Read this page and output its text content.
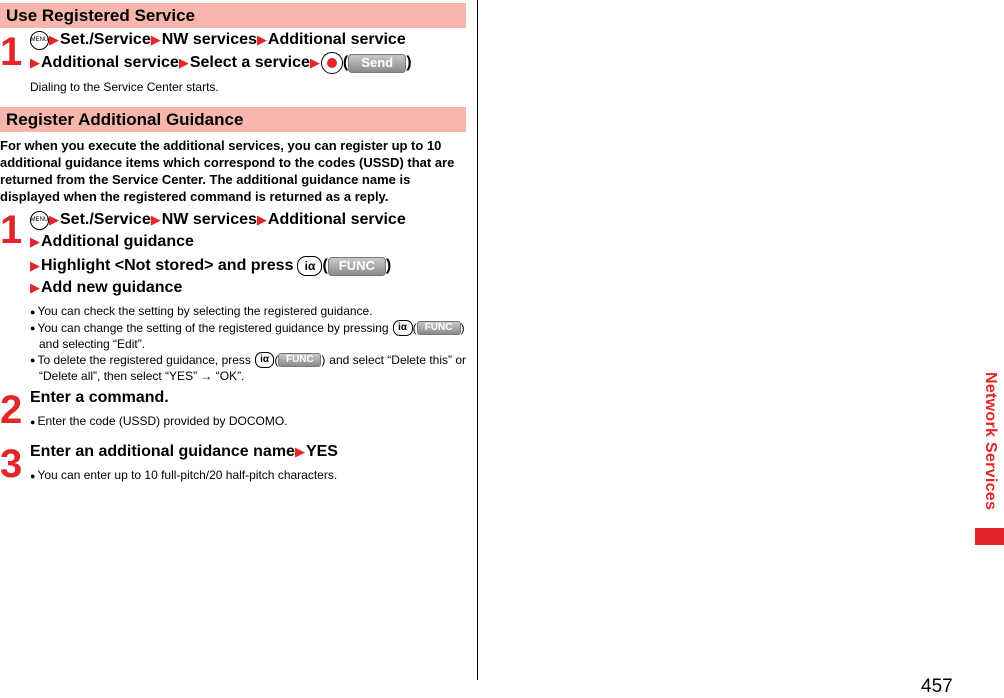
Use Registered Service
1 MENU ▶ Set./Service ▶ NW services ▶ Additional service
▶ Additional service ▶ Select a service ▶ (	Send )
Dialing to the Service Center starts.
Register Additional Guidance
For when you execute the additional services, you can register up to 10 additional guidance items which correspond to the codes (USSD) that are returned from the Service Center. The additional guidance name is displayed when the registered command is returned as a reply.
1 MENU ▶ Set./Service ▶ NW services ▶ Additional service
▶ Additional guidance
▶ Highlight <Not stored> and press iα ( FUNC )
▶ Add new guidance
● You can check the setting by selecting the registered guidance.
● You can change the setting of the registered guidance by pressing iα ( FUNC )
and selecting “Edit”.
● To delete the registered guidance, press iα ( FUNC ) and select “Delete this” or
“Delete all”, then select “YES” → “OK”.
2 Enter a command.
● Enter the code (USSD) provided by DOCOMO.
3 Enter an additional guidance name ▶ YES
● You can enter up to 10 full-pitch/20 half-pitch characters.	Network Services
457
